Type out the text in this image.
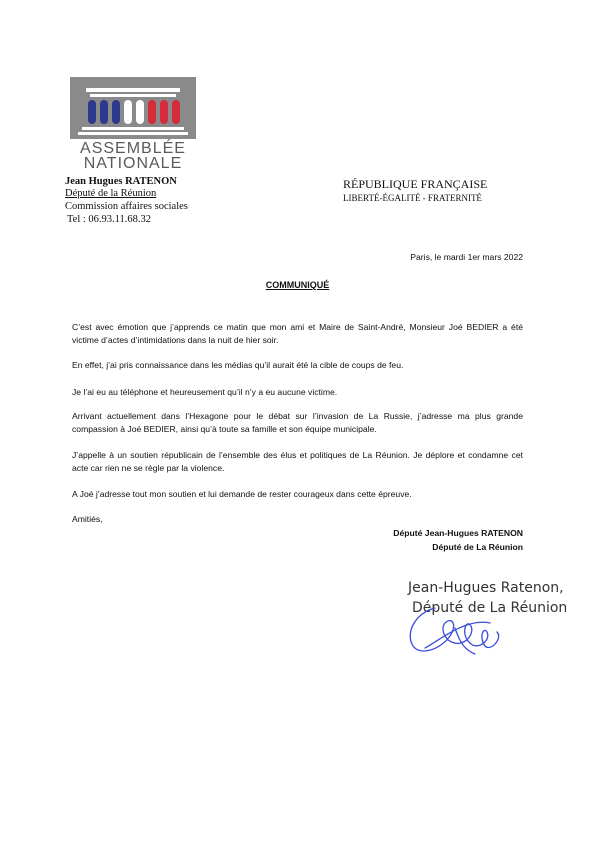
ASSEMBLÉE
NATIONALE
Jean Hugues RATENON
Député de la Réunion
Commission affaires sociales
Tel : 06.93.11.68.32
RÉPUBLIQUE FRANÇAISE
LIBERTÉ-ÉGALITÉ - FRATERNITÉ
Paris, le mardi 1er mars 2022
COMMUNIQUÉ

C’est avec émotion que j’apprends ce matin que mon ami et Maire de Saint-André, Monsieur Joé BEDIER a été victime d’actes d’intimidations dans la nuit de hier soir.

En effet, j’ai pris connaissance dans les médias qu’il aurait été la cible de coups de feu.

Je l’ai eu au téléphone et heureusement qu’il n’y a eu aucune victime.

Arrivant actuellement dans l’Hexagone pour le débat sur l’invasion de La Russie, j’adresse ma plus grande compassion à Joé BEDIER, ainsi qu’à toute sa famille et son équipe municipale.

J’appelle à un soutien républicain de l’ensemble des élus et politiques de La Réunion. Je déplore et condamne cet acte car rien ne se règle par la violence.

A Joé j’adresse tout mon soutien et lui demande de rester courageux dans cette épreuve.

Amitiés,
Député Jean-Hugues RATENON
Député de La Réunion
Jean-Hugues Ratenon,
Député de La Réunion
